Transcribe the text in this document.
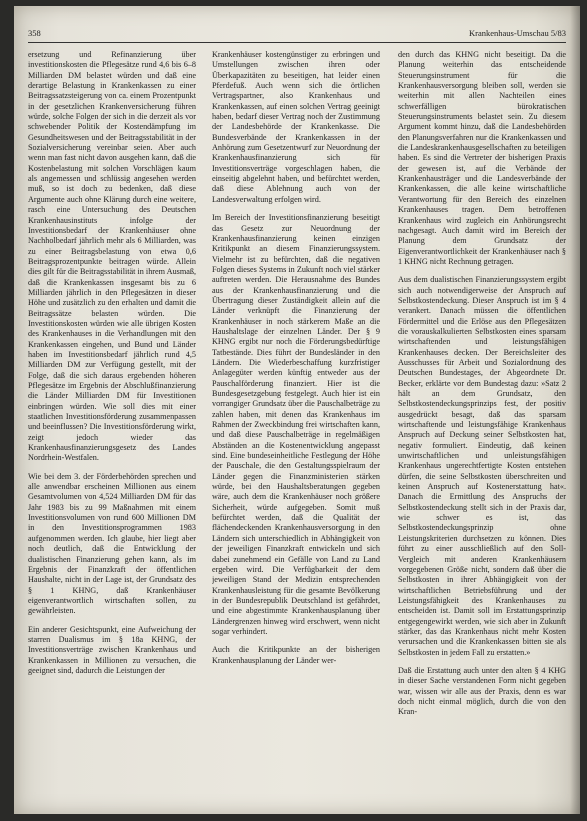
358	Krankenhaus-Umschau 5/83

ersetzung und Refinanzierung über investitionskosten die Pflegesätze rund 4,6 bis 6–8 Milliarden DM belastet würden und daß eine derartige Belastung in Krankenkassen zu einer Beitragssatzsteigerung von ca. einem Prozentpunkt in der gesetzlichen Krankenversicherung führen würde, solche Folgen der sich in die derzeit als vor schwebender Politik der Kostendämpfung im Gesundheitswesen und der Beitragsstabilität in der Sozialversicherung vereinbar seien. Aber auch wenn man fast nicht davon ausgehen kann, daß die Kostenbelastung mit solchen Vorschlägen kaum als angemessen und schlüssig angesehen werden muß, so ist doch zu bedenken, daß diese Argumente auch ohne Klärung durch eine weitere, rasch eine Untersuchung des Deutschen Krankenhausinstituts infolge der Investitionsbedarf der Krankenhäuser ohne Nachholbedarf jährlich mehr als 6 Milliarden, was zu einer Beitragsbelastung von etwa 0,6 Beitragsprozentpunkte beitragen würde. Allein dies gilt für die Beitragsstabilität in ihrem Ausmaß, daß die Krankenkassen insgesamt bis zu 6 Milliarden jährlich in den Pflegesätzen in dieser Höhe und zusätzlich zu den erhalten und damit die Beitragssätze belasten würden. Die Investitionskosten würden wie alle übrigen Kosten des Krankenhauses in die Verhandlungen mit den Krankenkassen eingehen, und Bund und Länder haben im Investitionsbedarf jährlich rund 4,5 Milliarden DM zur Verfügung gestellt, mit der Folge, daß die sich daraus ergebenden höheren Pflegesätze im Ergebnis der Abschlußfinanzierung die Länder Milliarden DM für Investitionen einbringen würden. Wie soll dies mit einer staatlichen Investitionsförderung zusammenpassen und beeinflussen? Die Investitionsförderung wirkt, zeigt jedoch wieder das Krankenhausfinanzierungsgesetz des Landes Nordrhein-Westfalen.

Wie bei dem 3. der Förderbehörden sprechen und alle anwendbar erscheinen Millionen aus einem Gesamtvolumen von 4,524 Milliarden DM für das Jahr 1983 bis zu 99 Maßnahmen mit einem Investitionsvolumen von rund 600 Millionen DM in den Investitionsprogrammen 1983 aufgenommen werden. Ich glaube, hier liegt aber noch deutlich, daß die Entwicklung der dualistischen Finanzierung gehen kann, als im Ergebnis der Finanzkraft der öffentlichen Haushalte, nicht in der Lage ist, der Grundsatz des § 1 KHNG, daß Krankenhäuser eigenverantwortlich wirtschaften sollen, zu gewährleisten.

Ein anderer Gesichtspunkt, eine Aufweichung der starren Dualismus im § 18a KHNG, der Investitionsverträge zwischen Krankenhaus und Krankenkassen in Millionen zu versuchen, die geeignet sind, dadurch die Leistungen der

Krankenhäuser kostengünstiger zu erbringen und Umstellungen zwischen ihren oder Überkapazitäten zu beseitigen, hat leider einen Pferdefuß. Auch wenn sich die örtlichen Vertragspartner, also Krankenhaus und Krankenkassen, auf einen solchen Vertrag geeinigt haben, bedarf dieser Vertrag noch der Zustimmung der Landesbehörde der Krankenkasse. Die Bundesverbände der Krankenkassen in der Anhörung zum Gesetzentwurf zur Neuordnung der Krankenhausfinanzierung sich für Investitionsverträge vorgeschlagen haben, die einseitig abgelehnt haben, und befürchtet werden, daß diese Ablehnung auch von der Landesverwaltung erfolgen wird.

Im Bereich der Investitionsfinanzierung beseitigt das Gesetz zur Neuordnung der Krankenhausfinanzierung keinen einzigen Kritikpunkt an diesem Finanzierungssystem. Vielmehr ist zu befürchten, daß die negativen Folgen dieses Systems in Zukunft noch viel stärker auftreten werden. Die Herausnahme des Bundes aus der Krankenhausfinanzierung und die Übertragung dieser Zuständigkeit allein auf die Länder verknüpft die Finanzierung der Krankenhäuser in noch stärkerem Maße an die Haushaltslage der einzelnen Länder. Der § 9 KHNG ergibt nur noch die Förderungsbedürftige Tatbestände. Dies führt der Bundesländer in den Ländern. Die Wiederbeschaffung kurzfristiger Anlagegüter werden künftig entweder aus der Pauschalförderung finanziert. Hier ist die Bundesgesetzgebung festgelegt. Auch hier ist ein vorrangiger Grundsatz über die Pauschalbeträge zu zahlen haben, mit denen das Krankenhaus im Rahmen der Zweckbindung frei wirtschaften kann, und daß diese Pauschalbeträge in regelmäßigen Abständen an die Kostenentwicklung angepasst sind. Eine bundeseinheitliche Festlegung der Höhe der Pauschale, die den Gestaltungsspielraum der Länder gegen die Finanzministerien stärken würde, bei den Haushaltsberatungen gegeben wäre, auch dem die Krankenhäuser noch größere Sicherheit, würde aufgegeben. Somit muß befürchtet werden, daß die Qualität der flächendeckenden Krankenhausversorgung in den Ländern sich unterschiedlich in Abhängigkeit von der jeweiligen Finanzkraft entwickeln und sich dabei zunehmend ein Gefälle von Land zu Land ergeben wird. Die Verfügbarkeit der dem jeweiligen Stand der Medizin entsprechenden Krankenhausleistung für die gesamte Bevölkerung in der Bundesrepublik Deutschland ist gefährdet, und eine abgestimmte Krankenhausplanung über Ländergrenzen hinweg wird erschwert, wenn nicht sogar verhindert.

Auch die Kritikpunkte an der bisherigen Krankenhausplanung der Länder wer-

den durch das KHNG nicht beseitigt. Da die Planung weiterhin das entscheidende Steuerungsinstrument für die Krankenhausversorgung bleiben soll, werden sie weiterhin mit allen Nachteilen eines schwerfälligen bürokratischen Steuerungsinstruments belastet sein. Zu diesem Argument kommt hinzu, daß die Landesbehörden den Planungsverfahren nur die Krankenkassen und die Landeskrankenhausgesellschaften zu beteiligen haben. Es sind die Vertreter der bisherigen Praxis der gewesen ist, auf die Verbände der Krankenhausträger und die Landesverbände der Krankenkassen, die alle keine wirtschaftliche Verantwortung für den Bereich des einzelnen Krankenhauses tragen. Dem betroffenen Krankenhaus wird zugleich ein Anhörungsrecht nachgesagt. Auch damit wird im Bereich der Planung dem Grundsatz der Eigenverantwortlichkeit der Krankenhäuser nach § 1 KHNG nicht Rechnung getragen.

Aus dem dualistischen Finanzierungssystem ergibt sich auch notwendigerweise der Anspruch auf Selbstkostendeckung. Dieser Anspruch ist im § 4 verankert. Danach müssen die öffentlichen Fördermittel und die Erlöse aus den Pflegesätzen die vorauskalkulierten Selbstkosten eines sparsam wirtschaftenden und leistungsfähigen Krankenhauses decken. Der Bereichsleiter des Ausschusses für Arbeit und Sozialordnung des Deutschen Bundestages, der Abgeordnete Dr. Becker, erklärte vor dem Bundestag dazu: »Satz 2 hält an dem Grundsatz, den Selbstkostendeckungsprinzips fest, der positiv ausgedrückt besagt, daß das sparsam wirtschaftende und leistungsfähige Krankenhaus Anspruch auf Deckung seiner Selbstkosten hat, negativ formuliert. Eindeutig, daß keinen unwirtschaftlichen und unleistungsfähigen Krankenhaus ungerechtfertigte Kosten entstehen dürfen, die seine Selbstkosten überschreiten und keinen Anspruch auf Kostenerstattung hat«. Danach die Ermittlung des Anspruchs der Selbstkostendeckung stellt sich in der Praxis dar, wie schwer es ist, das Selbstkostendeckungsprinzip ohne Leistungskriterien durchsetzen zu können. Dies führt zu einer ausschließlich auf den Soll-Vergleich mit anderen Krankenhäusern vorgegebenen Größe nicht, sondern daß über die Selbstkosten in ihrer Abhängigkeit von der wirtschaftlichen Betriebsführung und der Leistungsfähigkeit des Krankenhauses zu entscheiden ist. Damit soll im Erstattungsprinzip entgegengewirkt werden, wie sich aber in Zukunft stärker, das das Krankenhaus nicht mehr Kosten verursachen und die Krankenkassen bitten sie als Selbstkosten in jedem Fall zu erstatten.»

Daß die Erstattung auch unter den alten § 4 KHG in dieser Sache verstandenen Form nicht gegeben war, wissen wir alle aus der Praxis, denn es war doch nicht einmal möglich, durch die von den Kran-
